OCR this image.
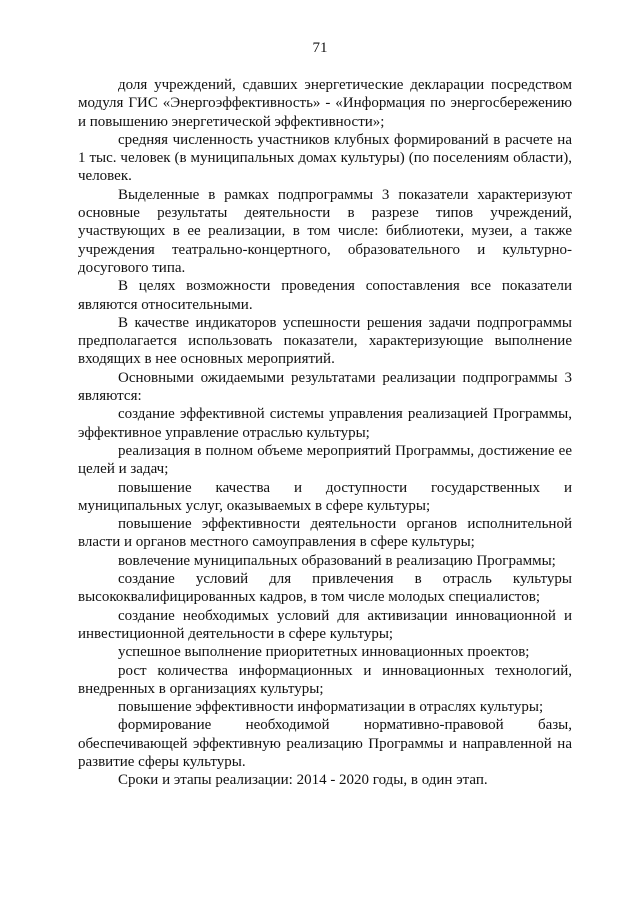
71

доля учреждений, сдавших энергетические декларации посредством модуля ГИС «Энергоэффективность» - «Информация по энергосбережению и повышению энергетической эффективности»;

средняя численность участников клубных формирований в расчете на 1 тыс. человек (в муниципальных домах культуры) (по поселениям области), человек.

Выделенные в рамках подпрограммы 3 показатели характеризуют основные результаты деятельности в разрезе типов учреждений, участвующих в ее реализации, в том числе: библиотеки, музеи, а также учреждения театрально-концертного, образовательного и культурно-досугового типа.

В целях возможности проведения сопоставления все показатели являются относительными.

В качестве индикаторов успешности решения задачи подпрограммы предполагается использовать показатели, характеризующие выполнение входящих в нее основных мероприятий.

Основными ожидаемыми результатами реализации подпрограммы 3 являются:

создание эффективной системы управления реализацией Программы, эффективное управление отраслью культуры;

реализация в полном объеме мероприятий Программы, достижение ее целей и задач;

повышение качества и доступности государственных и муниципальных услуг, оказываемых в сфере культуры;

повышение эффективности деятельности органов исполнительной власти и органов местного самоуправления в сфере культуры;

вовлечение муниципальных образований в реализацию Программы;

создание условий для привлечения в отрасль культуры высококвалифицированных кадров, в том числе молодых специалистов;

создание необходимых условий для активизации инновационной и инвестиционной деятельности в сфере культуры;

успешное выполнение приоритетных инновационных проектов;

рост количества информационных и инновационных технологий, внедренных в организациях культуры;

повышение эффективности информатизации в отраслях культуры;

формирование необходимой нормативно-правовой базы, обеспечивающей эффективную реализацию Программы и направленной на развитие сферы культуры.

Сроки и этапы реализации: 2014 - 2020 годы, в один этап.
